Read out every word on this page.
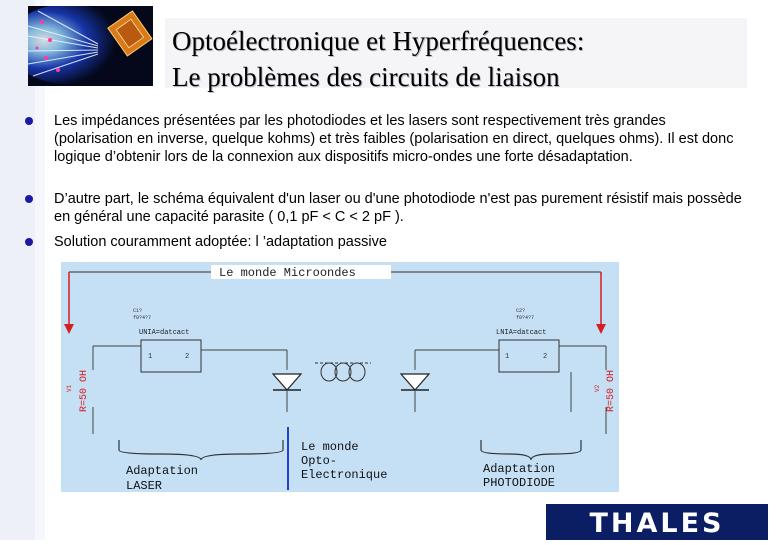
Optoélectronique et Hyperfréquences:
Le problèmes des circuits de liaison
Les impédances présentées par les photodiodes et les lasers sont respectivement très grandes (polarisation en inverse, quelque kohms) et très faibles (polarisation en direct, quelques ohms). Il est donc logique d’obtenir lors de la connexion aux dispositifs micro-ondes une forte désadaptation.
D’autre part, le schéma équivalent d'un laser ou d'une photodiode n'est pas purement résistif mais possède en général une capacité parasite ( 0,1 pF < C < 2 pF ).
Solution couramment adoptée: l ’adaptation passive
Le monde Microondes
R=50 OH
V1	R=50 OH
V2
C1?
f0?4?7
UNIA=datcact
1	2
C2?
f0?4?7
LNIA=datcact
1	2
Le monde
Opto-
Electronique
Adaptation
LASER
Adaptation
PHOTODIODE
THALES
